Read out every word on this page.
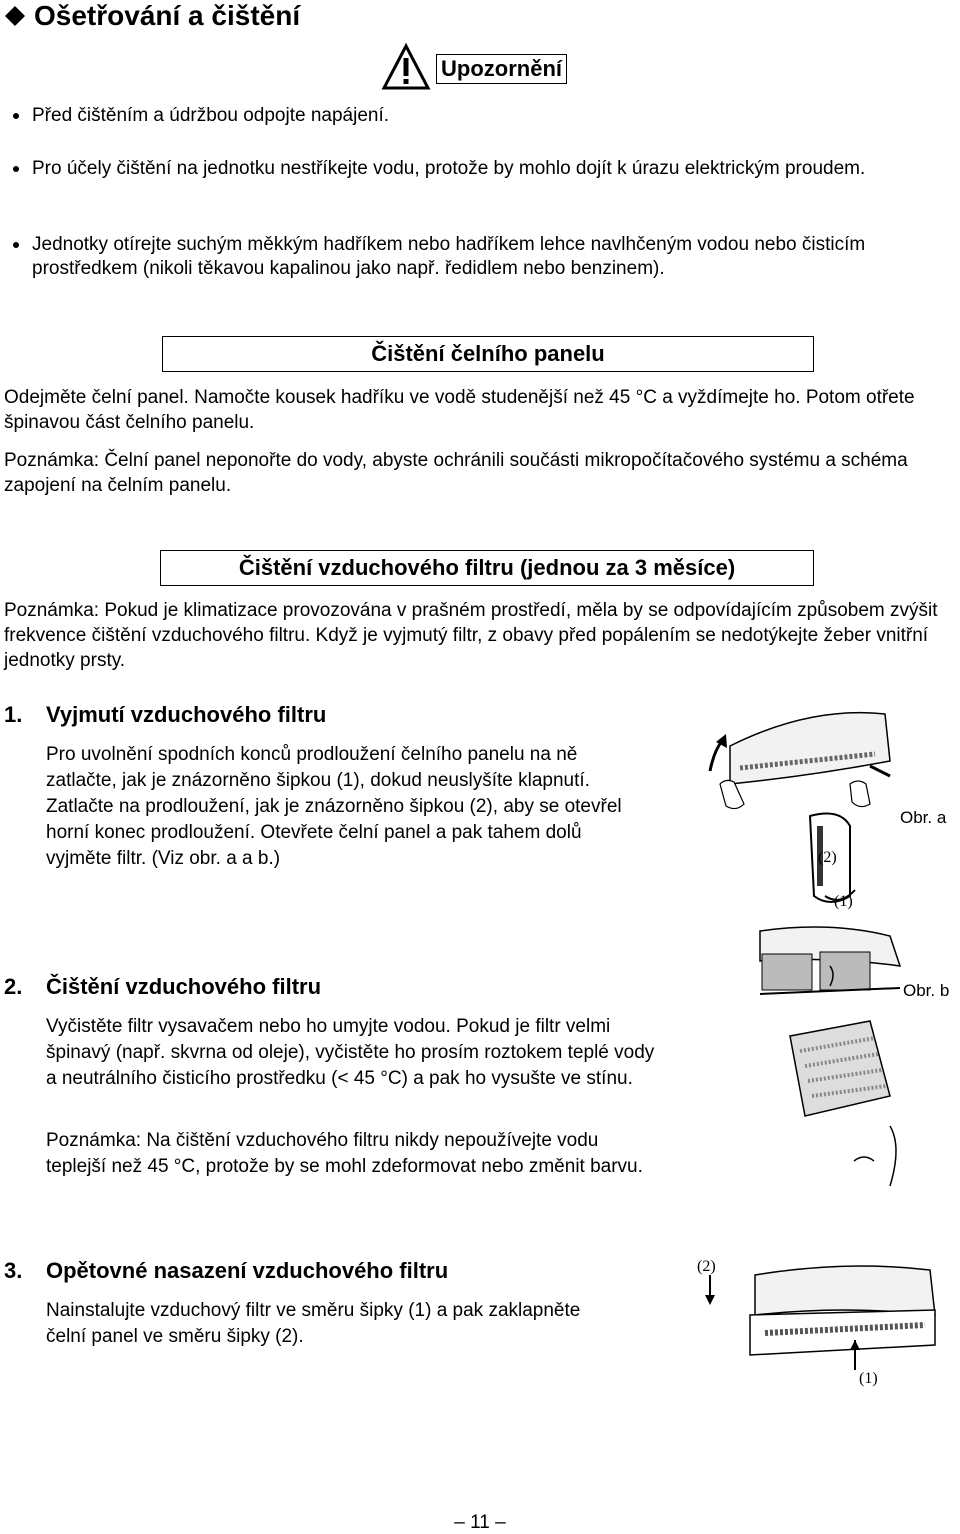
Ošetřování a čištění
Upozornění
Před čištěním a údržbou odpojte napájení.
Pro účely čištění na jednotku nestříkejte vodu, protože by mohlo dojít k úrazu elektrickým proudem.
Jednotky otírejte suchým měkkým hadříkem nebo hadříkem lehce navlhčeným vodou nebo čisticím prostředkem (nikoli těkavou kapalinou jako např. ředidlem nebo benzinem).
Čištění čelního panelu
Odejměte čelní panel. Namočte kousek hadříku ve vodě studenější než 45 °C a vyždímejte ho. Potom otřete špinavou část čelního panelu.
Poznámka: Čelní panel neponořte do vody, abyste ochránili součásti mikropočítačového systému a schéma zapojení na čelním panelu.
Čištění vzduchového filtru (jednou za 3 měsíce)
Poznámka: Pokud je klimatizace provozována v prašném prostředí, měla by se odpovídajícím způsobem zvýšit frekvence čištění vzduchového filtru. Když je vyjmutý filtr, z obavy před popálením se nedotýkejte žeber vnitřní jednotky prsty.
1.	Vyjmutí vzduchového filtru
Pro uvolnění spodních konců prodloužení čelního panelu na ně zatlačte, jak je znázorněno šipkou (1), dokud neuslyšíte klapnutí. Zatlačte na prodloužení, jak je znázorněno šipkou (2), aby se otevřel horní konec prodloužení. Otevřete čelní panel a pak tahem dolů vyjměte filtr. (Viz obr. a a b.)	(2)
(1)
Obr. a
2.	Čištění vzduchového filtru
Vyčistěte filtr vysavačem nebo ho umyjte vodou. Pokud je filtr velmi špinavý (např. skvrna od oleje), vyčistěte ho prosím roztokem teplé vody a neutrálního čisticího prostředku (< 45 °C) a pak ho vysušte ve stínu.
Poznámka: Na čištění vzduchového filtru nikdy nepoužívejte vodu teplejší než 45 °C, protože by se mohl zdeformovat nebo změnit barvu.
Obr. b
3.	Opětovné nasazení vzduchového filtru
Nainstalujte vzduchový filtr ve směru šipky (1) a pak zaklapněte čelní panel ve směru šipky (2).
(2)
(1)
– 11 –
